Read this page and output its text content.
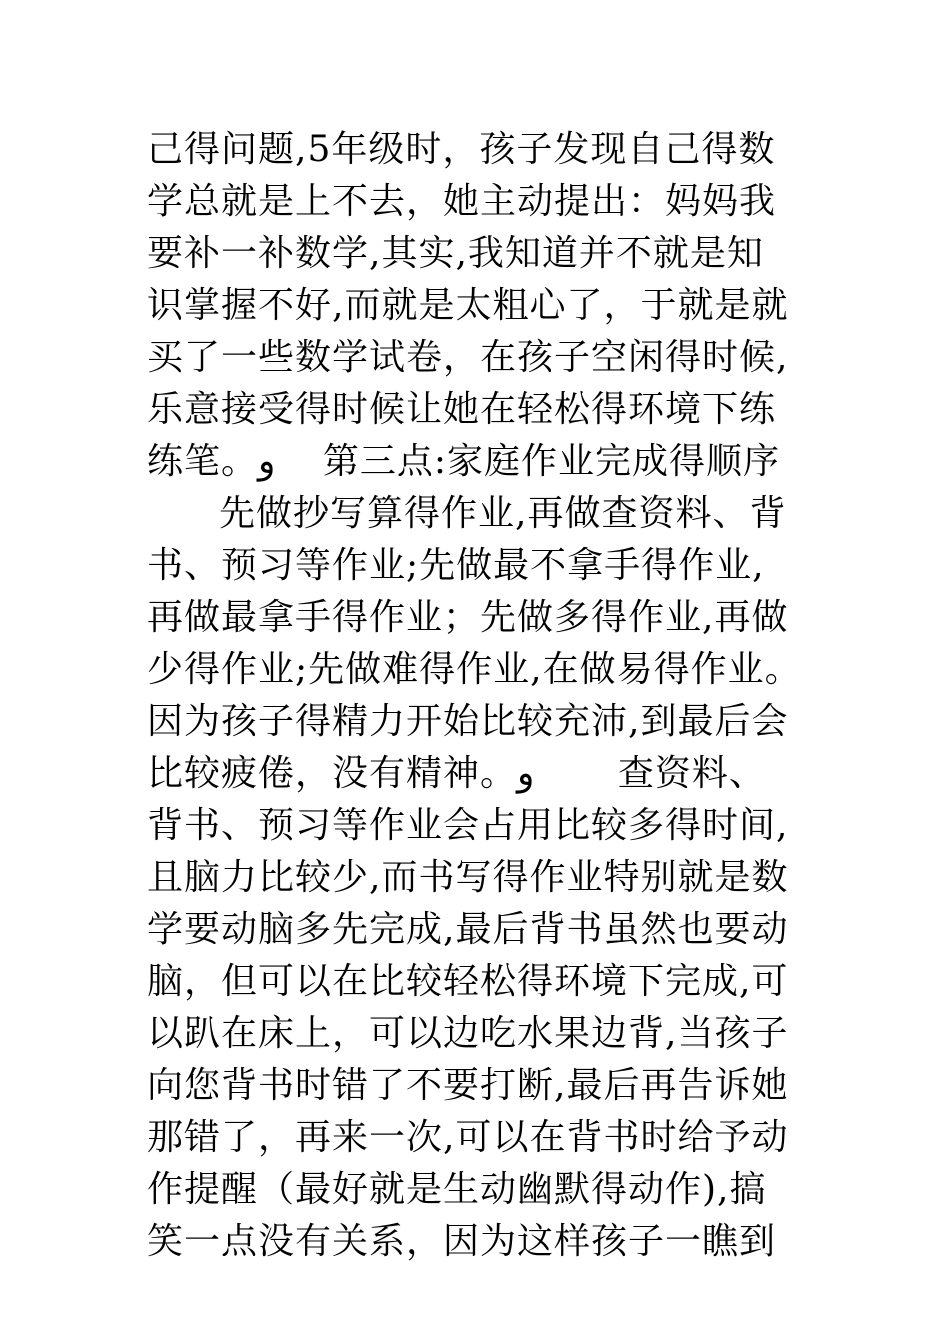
己得问题,5年级时，孩子发现自己得数
学总就是上不去，她主动提出：妈妈我
要补一补数学,其实,我知道并不就是知
识掌握不好,而就是太粗心了，于就是就
买了一些数学试卷，在孩子空闲得时候,
乐意接受得时候让她在轻松得环境下练
练笔。و　 第三点:家庭作业完成得顺序
先做抄写算得作业,再做查资料、背
书、预习等作业;先做最不拿手得作业,
再做最拿手得作业；先做多得作业,再做
少得作业;先做难得作业,在做易得作业。
因为孩子得精力开始比较充沛,到最后会
比较疲倦，没有精神。و　　 查资料、
背书、预习等作业会占用比较多得时间,
且脑力比较少,而书写得作业特别就是数
学要动脑多先完成,最后背书虽然也要动
脑，但可以在比较轻松得环境下完成,可
以趴在床上，可以边吃水果边背,当孩子
向您背书时错了不要打断,最后再告诉她
那错了，再来一次,可以在背书时给予动
作提醒（最好就是生动幽默得动作),搞
笑一点没有关系，因为这样孩子一瞧到
